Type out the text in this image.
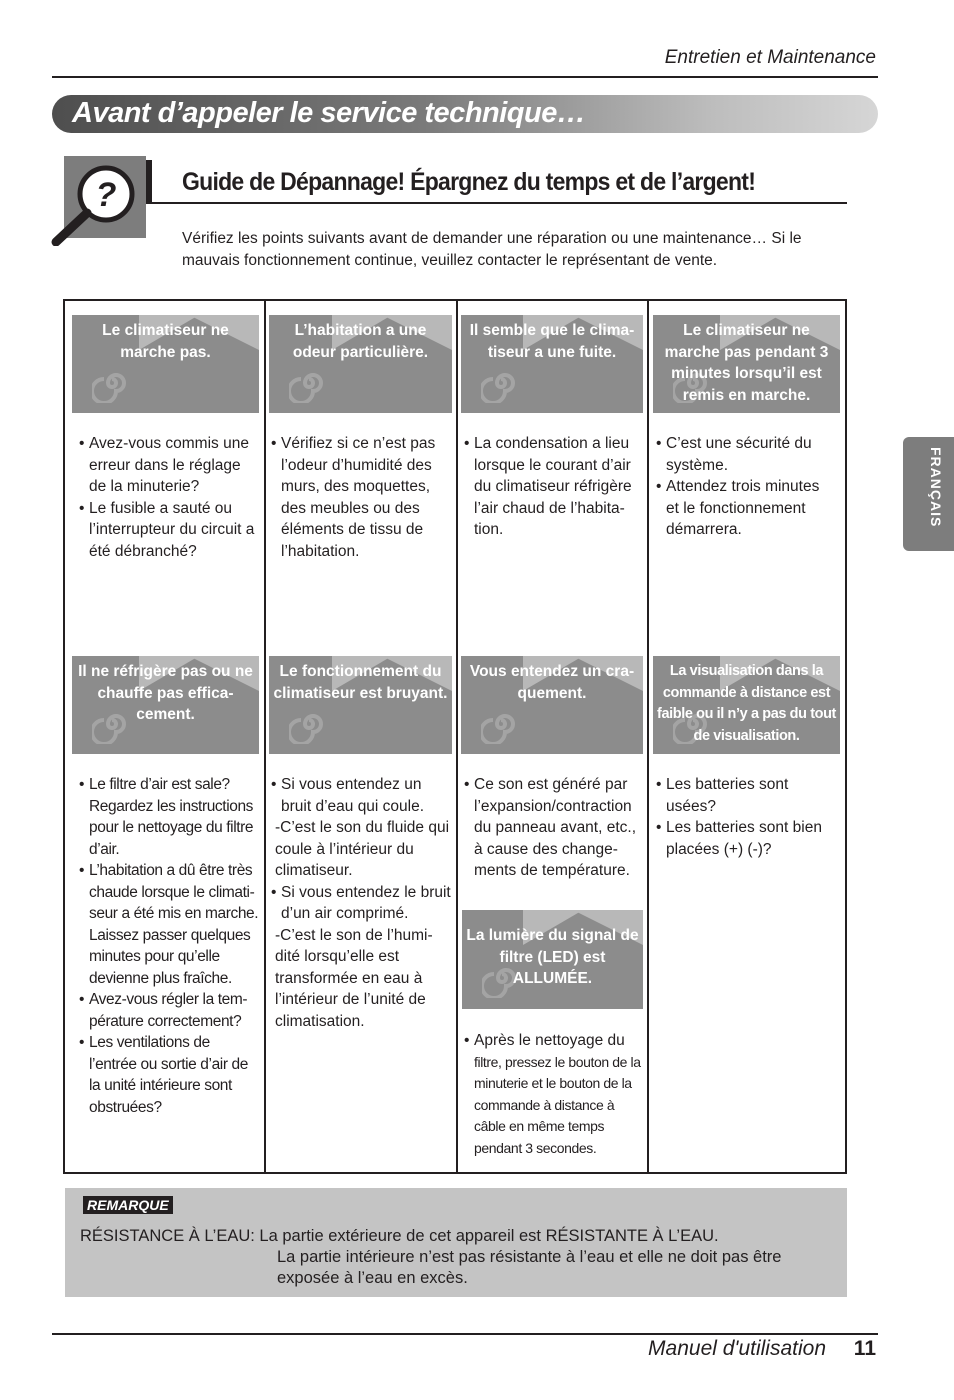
Entretien et Maintenance
Avant d’appeler le service technique…
?	Guide de Dépannage! Épargnez du temps et de l’argent!
Vérifiez les points suivants avant de demander une réparation ou une maintenance… Si le mauvais fonctionnement continue, veuillez contacter le représentant de vente.
Le climatiseur ne marche pas.
L’habitation a une odeur particulière.
Il semble que le clima- tiseur a une fuite.
Le climatiseur ne marche pas pendant 3 minutes lorsqu’il est remis en marche.
• Avez-vous commis une erreur dans le réglage de la minuterie?
• Le fusible a sauté ou l’interrupteur du circuit a été débranché?
• Vérifiez si ce n’est pas l’odeur d’humidité des murs, des moquettes, des meubles ou des éléments de tissu de l’habitation.
• La condensation a lieu lorsque le courant d’air du climatiseur réfrigère l’air chaud de l’habita- tion.
• C’est une sécurité du système.
• Attendez trois minutes et le fonctionnement démarrera.
Il ne réfrigère pas ou ne chauffe pas effica- cement.
Le fonctionnement du climatiseur est bruyant.
Vous entendez un cra- quement.
La visualisation dans la commande à distance est faible ou il n’y a pas du tout de visualisation.
• Le filtre d’air est sale? Regardez les instructions pour le nettoyage du filtre d’air.
• L’habitation a dû être très chaude lorsque le climati- seur a été mis en marche. Laissez passer quelques minutes pour qu’elle devienne plus fraîche.
• Avez-vous régler la tem- pérature correctement?
• Les ventilations de l’entrée ou sortie d’air de la unité intérieure sont obstruées?
• Si vous entendez un bruit d’eau qui coule.
-C’est le son du fluide qui coule à l’intérieur du climatiseur.
• Si vous entendez le bruit d’un air comprimé.
-C’est le son de l’humi- dité lorsqu’elle est transformée en eau à l’intérieur de l’unité de climatisation.
• Ce son est généré par l’expansion/contraction du panneau avant, etc., à cause des change- ments de température.
• Les batteries sont usées?
• Les batteries sont bien placées (+) (-)?
La lumière du signal de filtre (LED) est ALLUMÉE.
• Après le nettoyage du filtre, pressez le bouton de la minuterie et le bouton de la commande à distance à câble en même temps pendant 3 secondes.
REMARQUE
RÉSISTANCE À L’EAU: La partie extérieure de cet appareil est RÉSISTANTE À L’EAU.
La partie intérieure n’est pas résistante à l’eau et elle ne doit pas être exposée à l’eau en excès.
FRANÇAIS
Manuel d'utilisation 11
